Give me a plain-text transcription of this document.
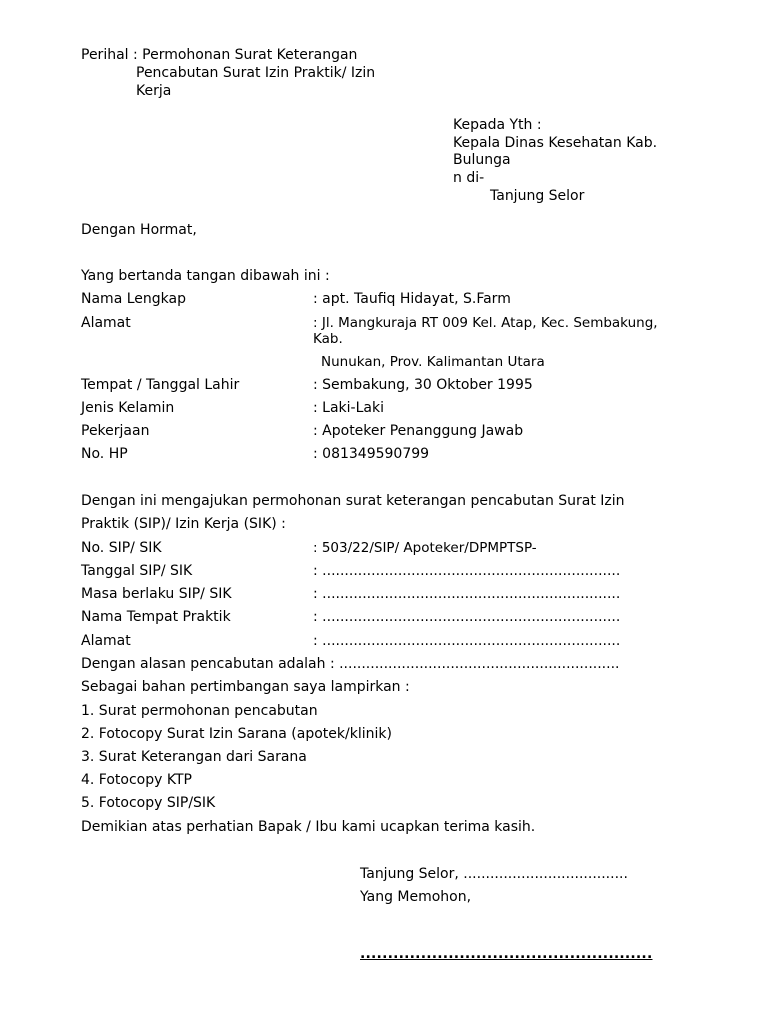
Perihal : Permohonan Surat Keterangan
Pencabutan Surat Izin Praktik/ Izin
Kerja
Kepada Yth :
Kepala Dinas Kesehatan Kab.
Bulunga
n di-
Tanjung Selor
Dengan Hormat,
Yang bertanda tangan dibawah ini :
Nama Lengkap	: apt. Taufiq Hidayat, S.Farm
Alamat	: Jl. Mangkuraja RT 009 Kel. Atap, Kec. Sembakung,
Kab.
Nunukan, Prov. Kalimantan Utara
Tempat / Tanggal Lahir	: Sembakung, 30 Oktober 1995
Jenis Kelamin	: Laki-Laki
Pekerjaan	: Apoteker Penanggung Jawab
No. HP	: 081349590799
Dengan ini mengajukan permohonan surat keterangan pencabutan Surat Izin
Praktik (SIP)/ Izin Kerja (SIK) :
No. SIP/ SIK	: 503/22/SIP/ Apoteker/DPMPTSP-
Tanggal SIP/ SIK	: ...................................................................
Masa berlaku SIP/ SIK	: ...................................................................
Nama Tempat Praktik	: ...................................................................
Alamat	: ...................................................................
Dengan alasan pencabutan adalah : ...............................................................
Sebagai bahan pertimbangan saya lampirkan :
1. Surat permohonan pencabutan
2. Fotocopy Surat Izin Sarana (apotek/klinik)
3. Surat Keterangan dari Sarana
4. Fotocopy KTP
5. Fotocopy SIP/SIK
Demikian atas perhatian Bapak / Ibu kami ucapkan terima kasih.
Tanjung Selor, .....................................
Yang Memohon,
.....................................................
